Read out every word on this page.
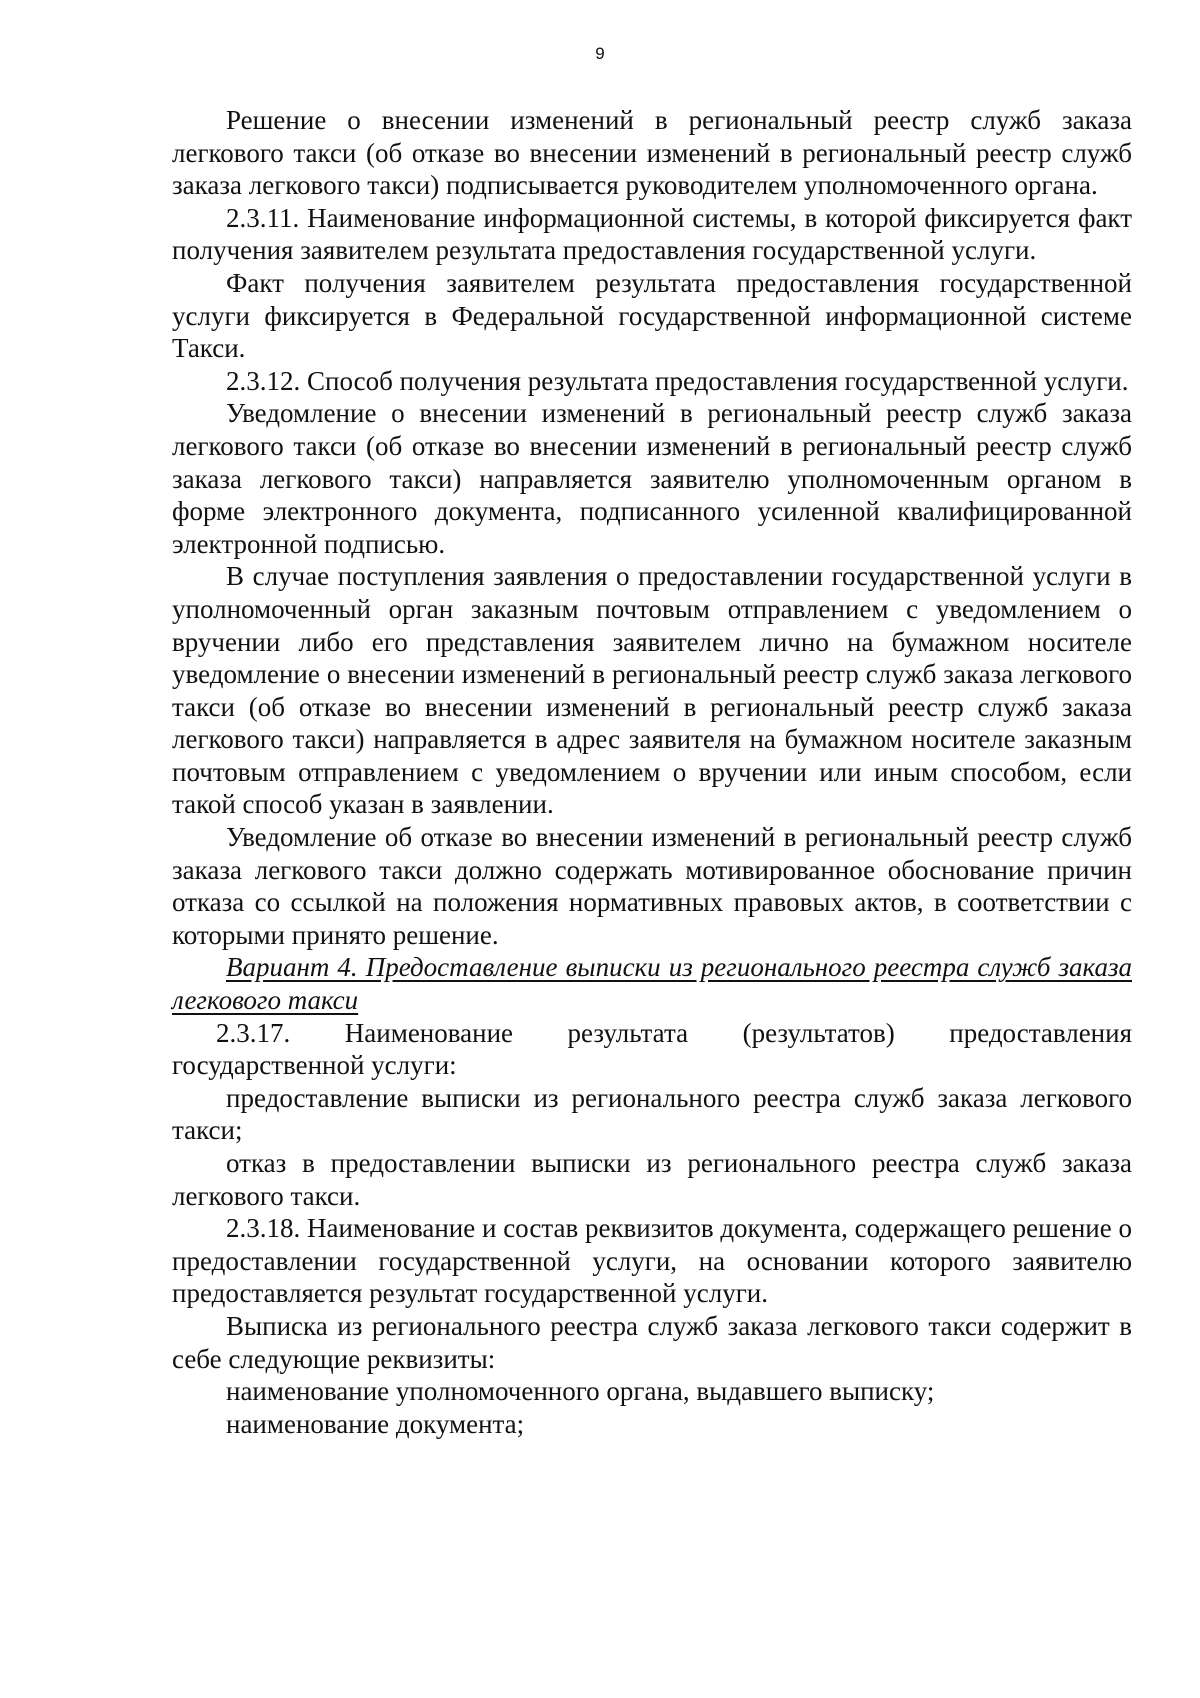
9

Решение о внесении изменений в региональный реестр служб заказа легкового такси (об отказе во внесении изменений в региональный реестр служб заказа легкового такси) подписывается руководителем уполномоченного органа.

2.3.11. Наименование информационной системы, в которой фиксируется факт получения заявителем результата предоставления государственной услуги.

Факт получения заявителем результата предоставления государственной услуги фиксируется в Федеральной государственной информационной системе Такси.

2.3.12. Способ получения результата предоставления государственной услуги.

Уведомление о внесении изменений в региональный реестр служб заказа легкового такси (об отказе во внесении изменений в региональный реестр служб заказа легкового такси) направляется заявителю уполномоченным органом в форме электронного документа, подписанного усиленной квалифицированной электронной подписью.

В случае поступления заявления о предоставлении государственной услуги в уполномоченный орган заказным почтовым отправлением с уведомлением о вручении либо его представления заявителем лично на бумажном носителе уведомление о внесении изменений в региональный реестр служб заказа легкового такси (об отказе во внесении изменений в региональный реестр служб заказа легкового такси) направляется в адрес заявителя на бумажном носителе заказным почтовым отправлением с уведомлением о вручении или иным способом, если такой способ указан в заявлении.

Уведомление об отказе во внесении изменений в региональный реестр служб заказа легкового такси должно содержать мотивированное обоснование причин отказа со ссылкой на положения нормативных правовых актов, в соответствии с которыми принято решение.

Вариант 4. Предоставление выписки из регионального реестра служб заказа легкового такси

2.3.17. Наименование результата (результатов) предоставления государственной услуги:

предоставление выписки из регионального реестра служб заказа легкового такси;

отказ в предоставлении выписки из регионального реестра служб заказа легкового такси.

2.3.18. Наименование и состав реквизитов документа, содержащего решение о предоставлении государственной услуги, на основании которого заявителю предоставляется результат государственной услуги.

Выписка из регионального реестра служб заказа легкового такси содержит в себе следующие реквизиты:

наименование уполномоченного органа, выдавшего выписку;

наименование документа;
